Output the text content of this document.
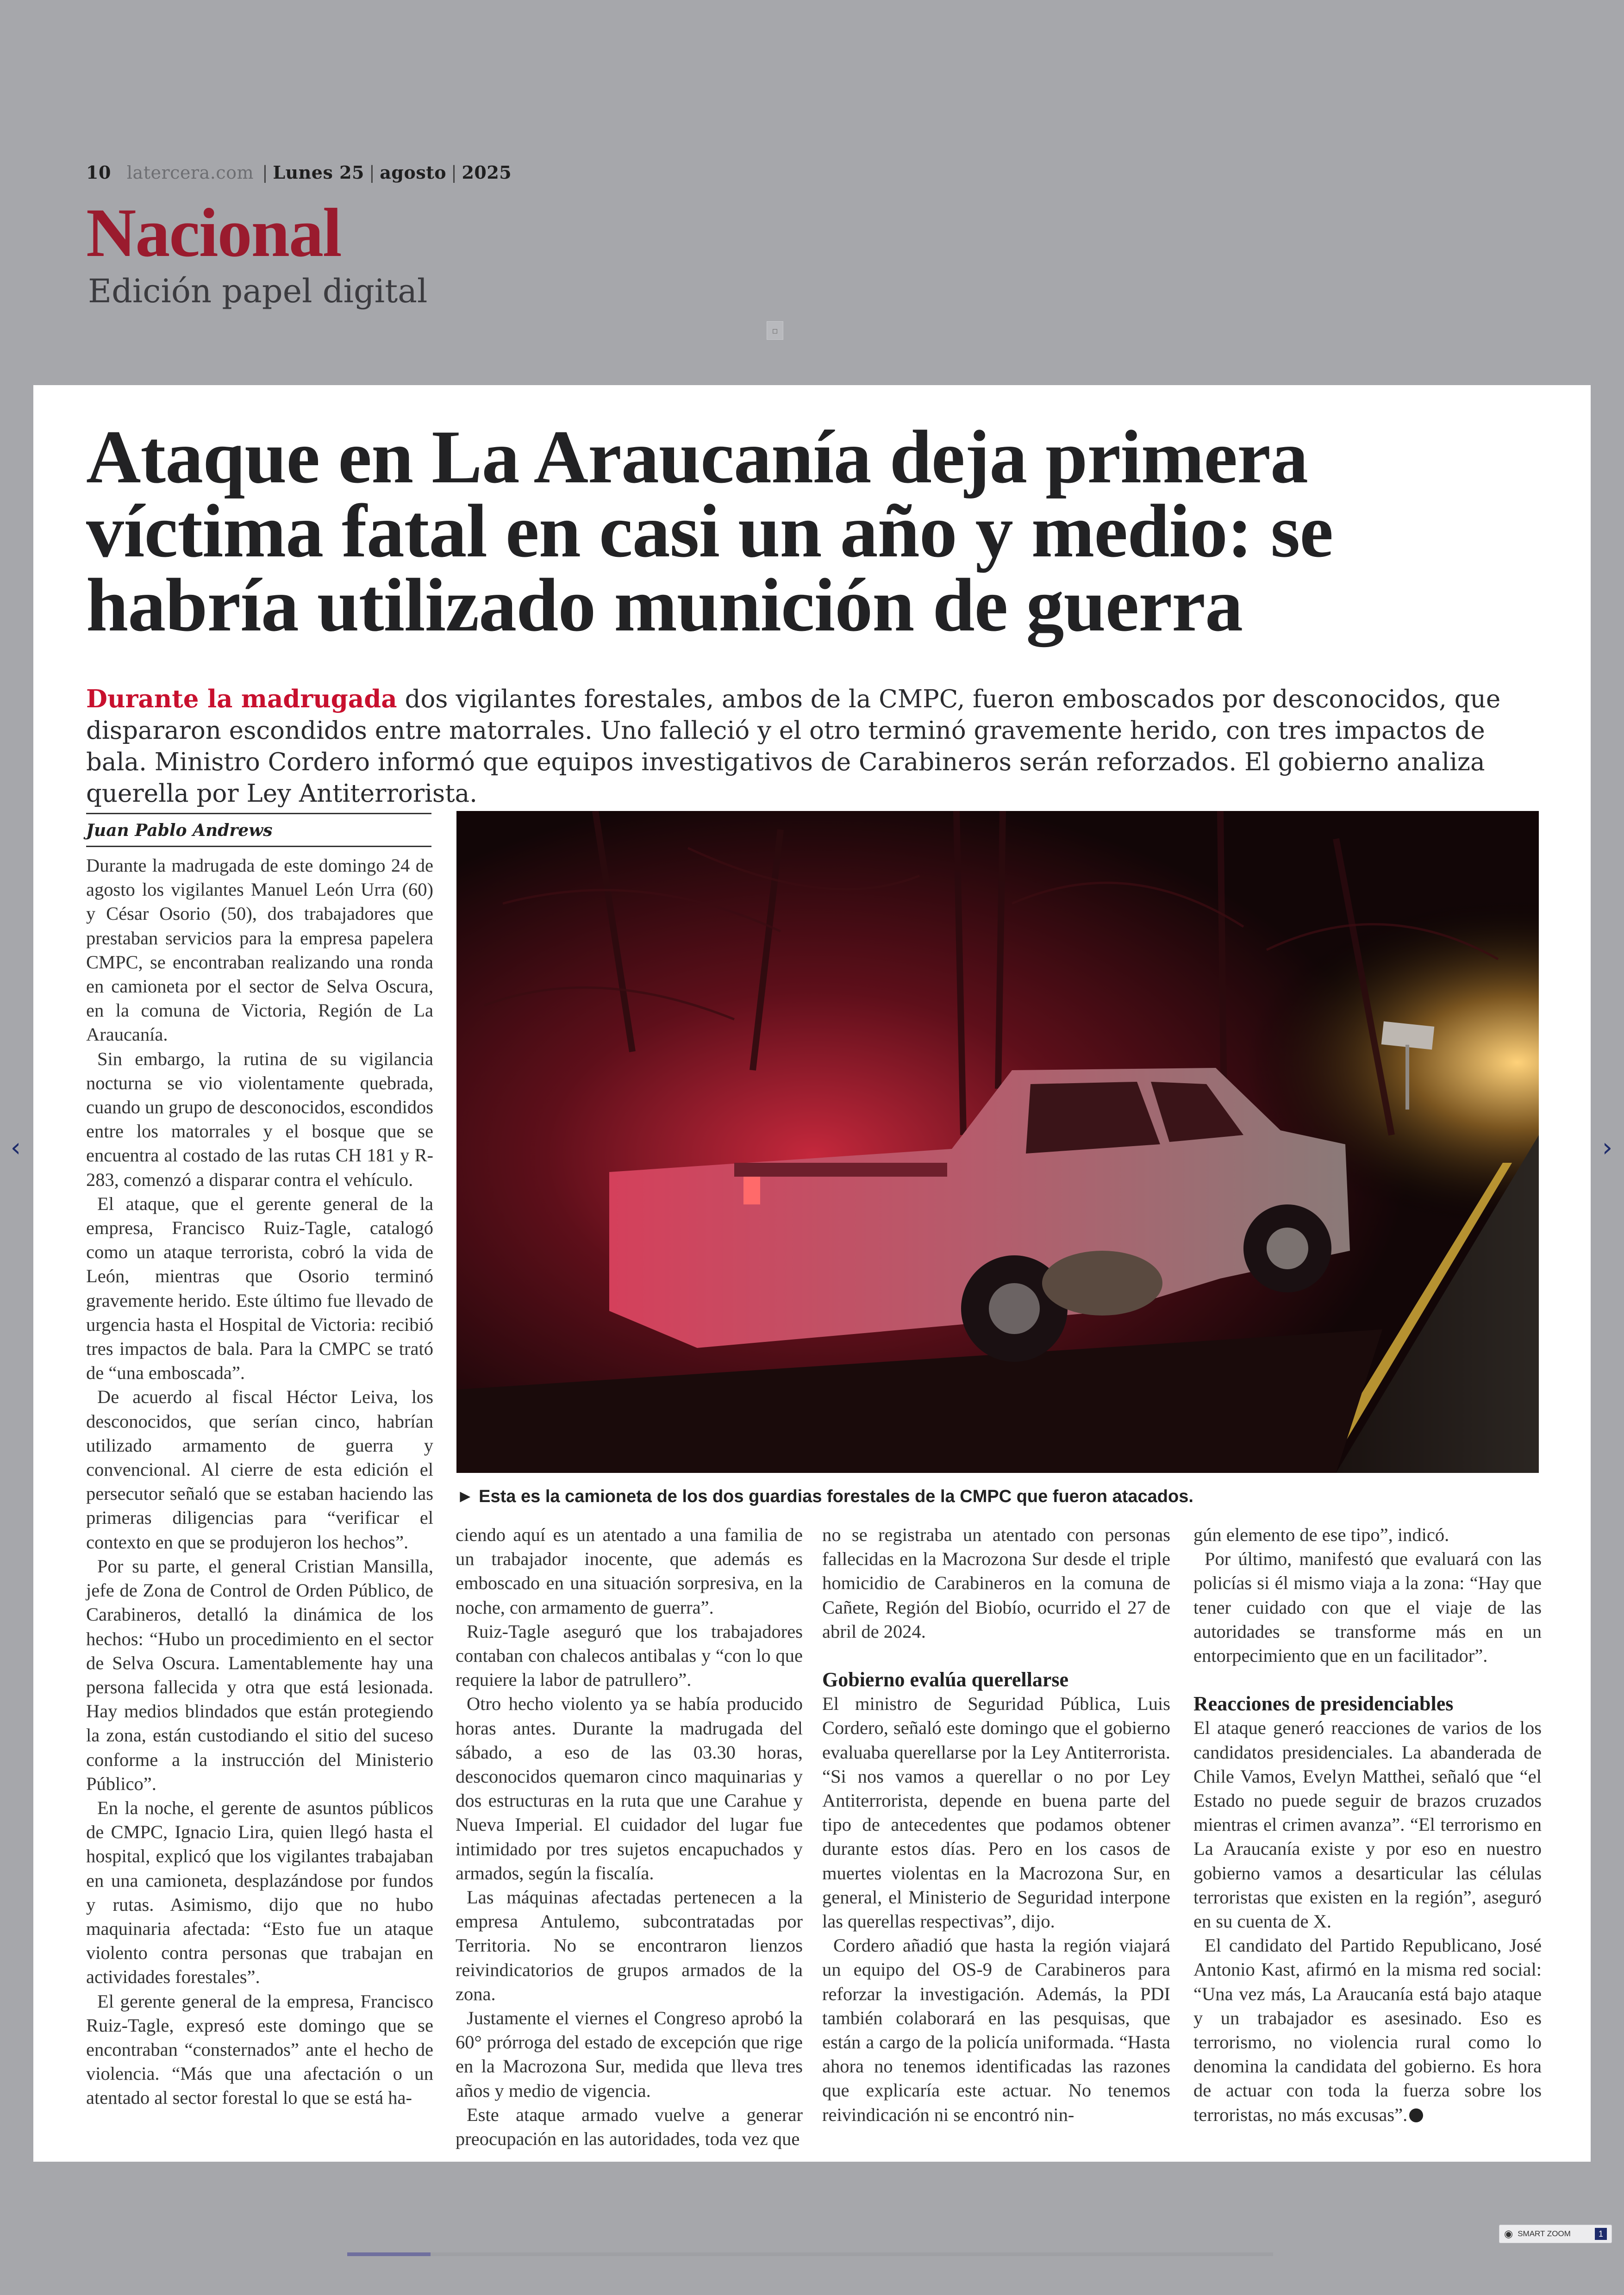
10 latercera.com | Lunes 25 | agosto | 2025
Nacional
Edición papel digital
▫
‹	›
Ataque en La Araucanía deja primera víctima fatal en casi un año y medio: se habría utilizado munición de guerra
Durante la madrugada dos vigilantes forestales, ambos de la CMPC, fueron emboscados por desconocidos, que dispararon escondidos entre matorrales. Uno falleció y el otro terminó gravemente herido, con tres impactos de bala. Ministro Cordero informó que equipos investigativos de Carabineros serán reforzados. El gobierno analiza querella por Ley Antiterrorista.
Juan Pablo Andrews

Durante la madrugada de este domingo 24 de agosto los vigilantes Manuel León Urra (60) y César Osorio (50), dos trabajadores que prestaban servicios para la empresa papelera CMPC, se encontraban realizando una ronda en camioneta por el sector de Selva Oscura, en la comuna de Victoria, Región de La Araucanía.

Sin embargo, la rutina de su vigilancia nocturna se vio violentamente quebrada, cuando un grupo de desconocidos, escondidos entre los matorrales y el bosque que se encuentra al costado de las rutas CH 181 y R-283, comenzó a disparar contra el vehículo.

El ataque, que el gerente general de la empresa, Francisco Ruiz-Tagle, catalogó como un ataque terrorista, cobró la vida de León, mientras que Osorio terminó gravemente herido. Este último fue llevado de urgencia hasta el Hospital de Victoria: recibió tres impactos de bala. Para la CMPC se trató de “una emboscada”.

De acuerdo al fiscal Héctor Leiva, los desconocidos, que serían cinco, habrían utilizado armamento de guerra y convencional. Al cierre de esta edición el persecutor señaló que se estaban haciendo las primeras diligencias para “verificar el contexto en que se produjeron los hechos”.

Por su parte, el general Cristian Mansilla, jefe de Zona de Control de Orden Público, de Carabineros, detalló la dinámica de los hechos: “Hubo un procedimiento en el sector de Selva Oscura. Lamentablemente hay una persona fallecida y otra que está lesionada. Hay medios blindados que están protegiendo la zona, están custodiando el sitio del suceso conforme a la instrucción del Ministerio Público”.

En la noche, el gerente de asuntos públicos de CMPC, Ignacio Lira, quien llegó hasta el hospital, explicó que los vigilantes trabajaban en una camioneta, desplazándose por fundos y rutas. Asimismo, dijo que no hubo maquinaria afectada: “Esto fue un ataque violento contra personas que trabajan en actividades forestales”.

El gerente general de la empresa, Francisco Ruiz-Tagle, expresó este domingo que se encontraban “consternados” ante el hecho de violencia. “Más que una afectación o un atentado al sector forestal lo que se está ha-

► Esta es la camioneta de los dos guardias forestales de la CMPC que fueron atacados.

ciendo aquí es un atentado a una familia de un trabajador inocente, que además es emboscado en una situación sorpresiva, en la noche, con armamento de guerra”.

Ruiz-Tagle aseguró que los trabajadores contaban con chalecos antibalas y “con lo que requiere la labor de patrullero”.

Otro hecho violento ya se había producido horas antes. Durante la madrugada del sábado, a eso de las 03.30 horas, desconocidos quemaron cinco maquinarias y dos estructuras en la ruta que une Carahue y Nueva Imperial. El cuidador del lugar fue intimidado por tres sujetos encapuchados y armados, según la fiscalía.

Las máquinas afectadas pertenecen a la empresa Antulemo, subcontratadas por Territoria. No se encontraron lienzos reivindicatorios de grupos armados de la zona.

Justamente el viernes el Congreso aprobó la 60° prórroga del estado de excepción que rige en la Macrozona Sur, medida que lleva tres años y medio de vigencia.

Este ataque armado vuelve a generar preocupación en las autoridades, toda vez que

no se registraba un atentado con personas fallecidas en la Macrozona Sur desde el triple homicidio de Carabineros en la comuna de Cañete, Región del Biobío, ocurrido el 27 de abril de 2024.

Gobierno evalúa querellarse

El ministro de Seguridad Pública, Luis Cordero, señaló este domingo que el gobierno evaluaba querellarse por la Ley Antiterrorista. “Si nos vamos a querellar o no por Ley Antiterrorista, depende en buena parte del tipo de antecedentes que podamos obtener durante estos días. Pero en los casos de muertes violentas en la Macrozona Sur, en general, el Ministerio de Seguridad interpone las querellas respectivas”, dijo.

Cordero añadió que hasta la región viajará un equipo del OS-9 de Carabineros para reforzar la investigación. Además, la PDI también colaborará en las pesquisas, que están a cargo de la policía uniformada. “Hasta ahora no tenemos identificadas las razones que explicaría este actuar. No tenemos reivindicación ni se encontró nin-

gún elemento de ese tipo”, indicó.

Por último, manifestó que evaluará con las policías si él mismo viaja a la zona: “Hay que tener cuidado con que el viaje de las autoridades se transforme más en un entorpecimiento que en un facilitador”.

Reacciones de presidenciables

El ataque generó reacciones de varios de los candidatos presidenciales. La abanderada de Chile Vamos, Evelyn Matthei, señaló que “el Estado no puede seguir de brazos cruzados mientras el crimen avanza”. “El terrorismo en La Araucanía existe y por eso en nuestro gobierno vamos a desarticular las células terroristas que existen en la región”, aseguró en su cuenta de X.

El candidato del Partido Republicano, José Antonio Kast, afirmó en la misma red social: “Una vez más, La Araucanía está bajo ataque y un trabajador es asesinado. Eso es terrorismo, no violencia rural como lo denomina la candidata del gobierno. Es hora de actuar con toda la fuerza sobre los terroristas, no más excusas”.

◉ SMART ZOOM	1
